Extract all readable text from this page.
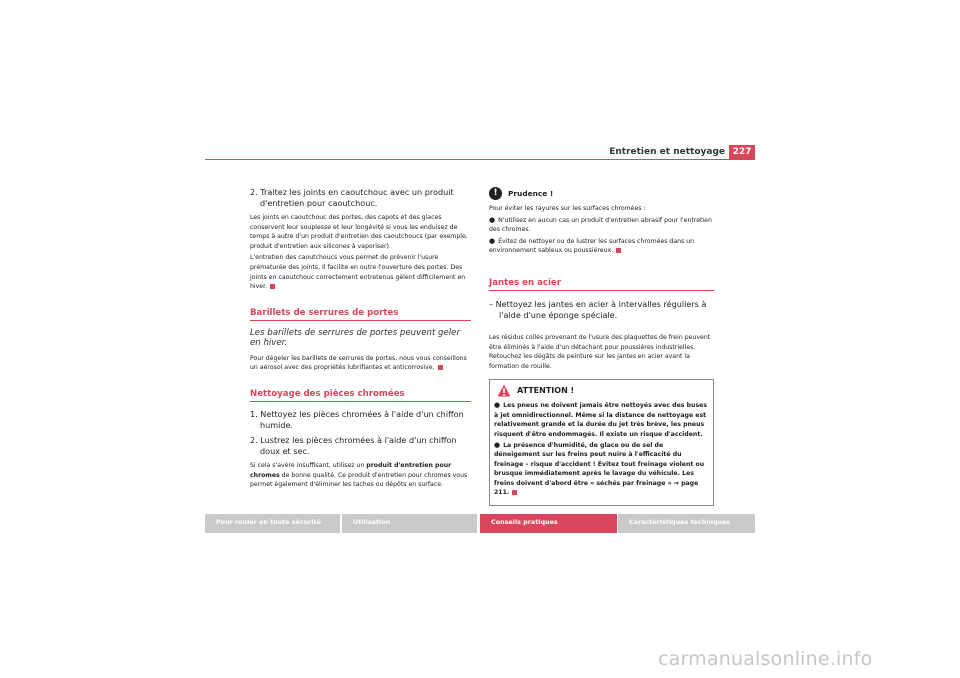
Entretien et nettoyage 227

2. Traitez les joints en caoutchouc avec un produit d'entretien pour caoutchouc.

Les joints en caoutchouc des portes, des capots et des glaces conservent leur souplesse et leur longévité si vous les enduisez de temps à autre d'un produit d'entretien des caoutchoucs (par exemple, produit d'entretien aux silicones à vaporiser).

L'entretien des caoutchoucs vous permet de prévenir l'usure prématurée des joints. Il facilite en outre l'ouverture des portes. Des joints en caoutchouc correctement entretenus gèlent difficilement en hiver.

Barillets de serrures de portes

Les barillets de serrures de portes peuvent geler en hiver.

Pour dégeler les barillets de serrures de portes, nous vous conseillons un aérosol avec des propriétés lubrifiantes et anticorrosive.

Nettoyage des pièces chromées

1. Nettoyez les pièces chromées à l'aide d'un chiffon humide.

2. Lustrez les pièces chromées à l'aide d'un chiffon doux et sec.

Si cela s'avère insuffisant, utilisez un produit d'entretien pour chromes de bonne qualité. Ce produit d'entretien pour chromes vous permet également d'éliminer les taches ou dépôts en surface.

!	Prudence !

Pour éviter les rayures sur les surfaces chromées :

● N'utilisez en aucun cas un produit d'entretien abrasif pour l'entretien des chromes.

● Évitez de nettoyer ou de lustrer les surfaces chromées dans un environnement sableux ou poussiéreux.

Jantes en acier

– Nettoyez les jantes en acier à intervalles réguliers à l'aide d'une éponge spéciale.

Les résidus collés provenant de l'usure des plaquettes de frein peuvent être éliminés à l'aide d'un détachant pour poussières industrielles. Retouchez les dégâts de peinture sur les jantes en acier avant la formation de rouille.

ATTENTION !

● Les pneus ne doivent jamais être nettoyés avec des buses à jet omnidirectionnel. Même si la distance de nettoyage est relativement grande et la durée du jet très brève, les pneus risquent d'être endommagés. Il existe un risque d'accident.

● La présence d'humidité, de glace ou de sel de déneigement sur les freins peut nuire à l'efficacité du freinage – risque d'accident ! Évitez tout freinage violent ou brusque immédiatement après le lavage du véhicule. Les freins doivent d'abord être « séchés par freinage » ⇒ page 211.

Pour rouler en toute sécurité	Utilisation	Conseils pratiques	Caractéristiques techniques
carmanualsonline.info
